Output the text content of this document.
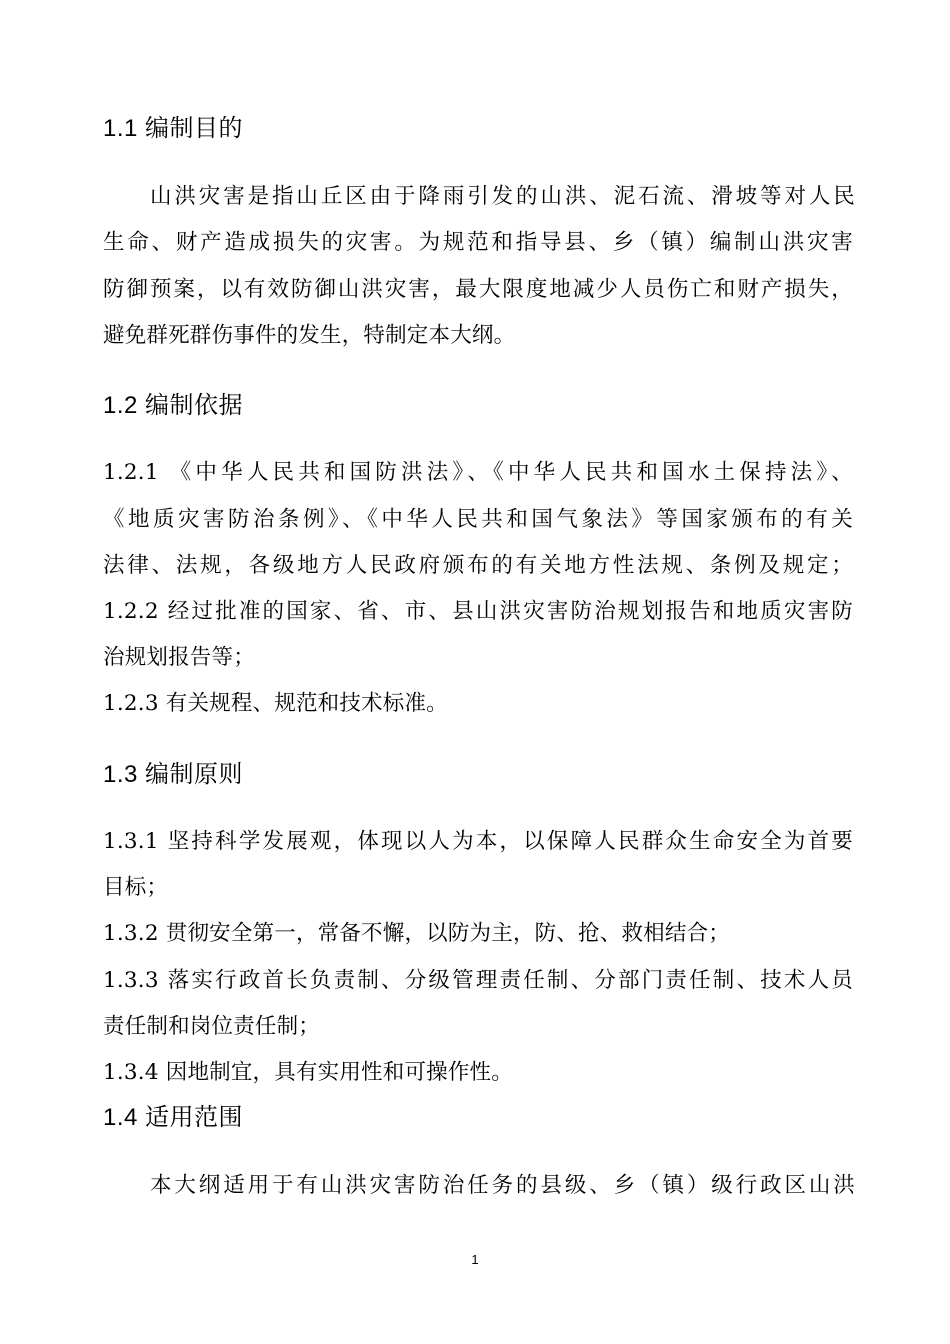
1.1 编制目的
山洪灾害是指山丘区由于降雨引发的山洪、泥石流、滑坡等对人民
生命、财产造成损失的灾害。为规范和指导县、乡（镇）编制山洪灾害
防御预案，以有效防御山洪灾害，最大限度地减少人员伤亡和财产损失，
避免群死群伤事件的发生，特制定本大纲。
1.2 编制依据
1.2.1 《中华人民共和国防洪法》、《中华人民共和国水土保持法》、
《地质灾害防治条例》、《中华人民共和国气象法》等国家颁布的有关
法律、法规，各级地方人民政府颁布的有关地方性法规、条例及规定；
1.2.2 经过批准的国家、省、市、县山洪灾害防治规划报告和地质灾害防
治规划报告等；
1.2.3 有关规程、规范和技术标准。
1.3 编制原则
1.3.1 坚持科学发展观，体现以人为本，以保障人民群众生命安全为首要
目标；
1.3.2 贯彻安全第一，常备不懈，以防为主，防、抢、救相结合；
1.3.3 落实行政首长负责制、分级管理责任制、分部门责任制、技术人员
责任制和岗位责任制；
1.3.4 因地制宜，具有实用性和可操作性。
1.4 适用范围
本大纲适用于有山洪灾害防治任务的县级、乡（镇）级行政区山洪
1
